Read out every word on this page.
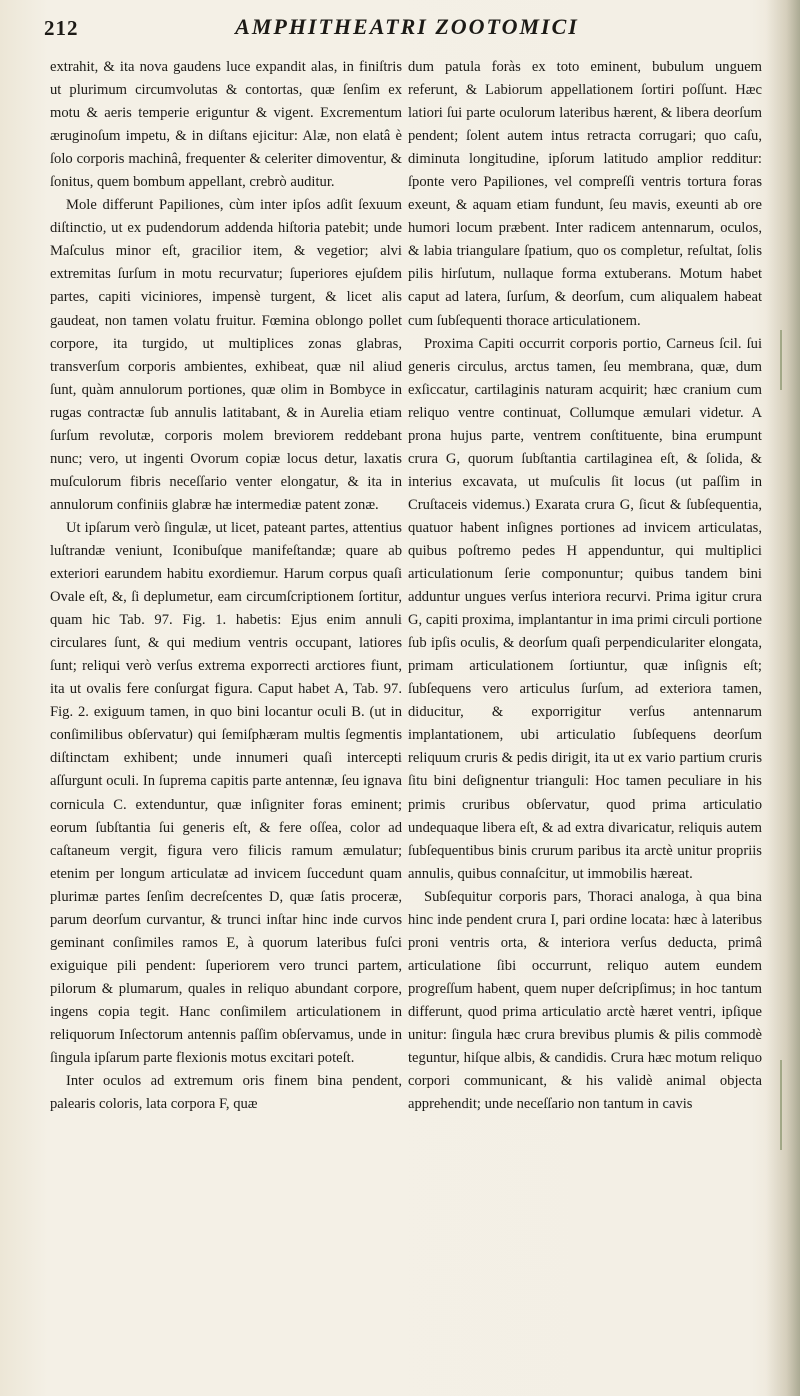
212	AMPHITHEATRI ZOOTOMICI

extrahit, & ita nova gaudens luce expandit alas, in finiſtris ut plurimum circumvolutas & contortas, quæ ſenſim ex motu & aeris temperie eriguntur & vigent. Excrementum æruginoſum impetu, & in diſtans ejicitur: Alæ, non elatâ è ſolo corporis machinâ, frequenter & celeriter dimoventur, & ſonitus, quem bombum appellant, crebrò auditur.

Mole differunt Papiliones, cùm inter ipſos adſit ſexuum diſtinctio, ut ex pudendorum addenda hiſtoria patebit; unde Maſculus minor eſt, gracilior item, & vegetior; alvi extremitas ſurſum in motu recurvatur; ſuperiores ejuſdem partes, capiti viciniores, impensè turgent, & licet alis gaudeat, non tamen volatu fruitur. Fœmina oblongo pollet corpore, ita turgido, ut multiplices zonas glabras, transverſum corporis ambientes, exhibeat, quæ nil aliud ſunt, quàm annulorum portiones, quæ olim in Bombyce in rugas contractæ ſub annulis latitabant, & in Aurelia etiam ſurſum revolutæ, corporis molem breviorem reddebant nunc; vero, ut ingenti Ovorum copiæ locus detur, laxatis muſculorum fibris neceſſario venter elongatur, & ita in annulorum confiniis glabræ hæ intermediæ patent zonæ.

Ut ipſarum verò ſingulæ, ut licet, pateant partes, attentius luſtrandæ veniunt, Iconibuſque manifeſtandæ; quare ab exteriori earundem habitu exordiemur. Harum corpus quaſi Ovale eſt, &, ſi deplumetur, eam circumſcriptionem ſortitur, quam hic Tab. 97. Fig. 1. habetis: Ejus enim annuli circulares ſunt, & qui medium ventris occupant, latiores ſunt; reliqui verò verſus extrema exporrecti arctiores fiunt, ita ut ovalis fere conſurgat figura. Caput habet A, Tab. 97. Fig. 2. exiguum tamen, in quo bini locantur oculi B. (ut in conſimilibus obſervatur) qui ſemiſphæram multis ſegmentis diſtinctam exhibent; unde innumeri quaſi intercepti aſſurgunt oculi. In ſuprema capitis parte antennæ, ſeu ignava cornicula C. extenduntur, quæ inſigniter foras eminent; eorum ſubſtantia ſui generis eſt, & fere oſſea, color ad caſtaneum vergit, figura vero filicis ramum æmulatur; etenim per longum articulatæ ad invicem ſuccedunt quam plurimæ partes ſenſim decreſcentes D, quæ ſatis proceræ, parum deorſum curvantur, & trunci inſtar hinc inde curvos geminant conſimiles ramos E, à quorum lateribus fuſci exiguique pili pendent: ſuperiorem vero trunci partem, pilorum & plumarum, quales in reliquo abundant corpore, ingens copia tegit. Hanc conſimilem articulationem in reliquorum Inſectorum antennis paſſim obſervamus, unde in ſingula ipſarum parte flexionis motus excitari poteſt.

Inter oculos ad extremum oris finem bina pendent, palearis coloris, lata corpora F, quæ

dum patula foràs ex toto eminent, bubulum unguem referunt, & Labiorum appellationem ſortiri poſſunt. Hæc latiori ſui parte oculorum lateribus hærent, & libera deorſum pendent; ſolent autem intus retracta corrugari; quo caſu, diminuta longitudine, ipſorum latitudo amplior redditur: ſponte vero Papiliones, vel compreſſi ventris tortura foras exeunt, & aquam etiam fundunt, ſeu mavis, exeunti ab ore humori locum præbent. Inter radicem antennarum, oculos, & labia triangulare ſpatium, quo os completur, reſultat, ſolis pilis hirſutum, nullaque forma extuberans. Motum habet caput ad latera, ſurſum, & deorſum, cum aliqualem habeat cum ſubſequenti thorace articulationem.

Proxima Capiti occurrit corporis portio, Carneus ſcil. ſui generis circulus, arctus tamen, ſeu membrana, quæ, dum exſiccatur, cartilaginis naturam acquirit; hæc cranium cum reliquo ventre continuat, Collumque æmulari videtur. A prona hujus parte, ventrem conſtituente, bina erumpunt crura G, quorum ſubſtantia cartilaginea eſt, & ſolida, & interius excavata, ut muſculis ſit locus (ut paſſim in Cruſtaceis videmus.) Exarata crura G, ſicut & ſubſequentia, quatuor habent inſignes portiones ad invicem articulatas, quibus poſtremo pedes H appenduntur, qui multiplici articulationum ſerie componuntur; quibus tandem bini adduntur ungues verſus interiora recurvi. Prima igitur crura G, capiti proxima, implantantur in ima primi circuli portione ſub ipſis oculis, & deorſum quaſi perpendiculariter elongata, primam articulationem ſortiuntur, quæ inſignis eſt; ſubſequens vero articulus ſurſum, ad exteriora tamen, diducitur, & exporrigitur verſus antennarum implantationem, ubi articulatio ſubſequens deorſum reliquum cruris & pedis dirigit, ita ut ex vario partium cruris ſitu bini deſignentur trianguli: Hoc tamen peculiare in his primis cruribus obſervatur, quod prima articulatio undequaque libera eſt, & ad extra divaricatur, reliquis autem ſubſequentibus binis crurum paribus ita arctè unitur propriis annulis, quibus connaſcitur, ut immobilis hæreat.

Subſequitur corporis pars, Thoraci analoga, à qua bina hinc inde pendent crura I, pari ordine locata: hæc à lateribus proni ventris orta, & interiora verſus deducta, primâ articulatione ſibi occurrunt, reliquo autem eundem progreſſum habent, quem nuper deſcripſimus; in hoc tantum differunt, quod prima articulatio arctè hæret ventri, ipſique unitur: ſingula hæc crura brevibus plumis & pilis commodè teguntur, hiſque albis, & candidis. Crura hæc motum reliquo corpori communicant, & his validè animal objecta apprehendit; unde neceſſario non tantum in cavis
